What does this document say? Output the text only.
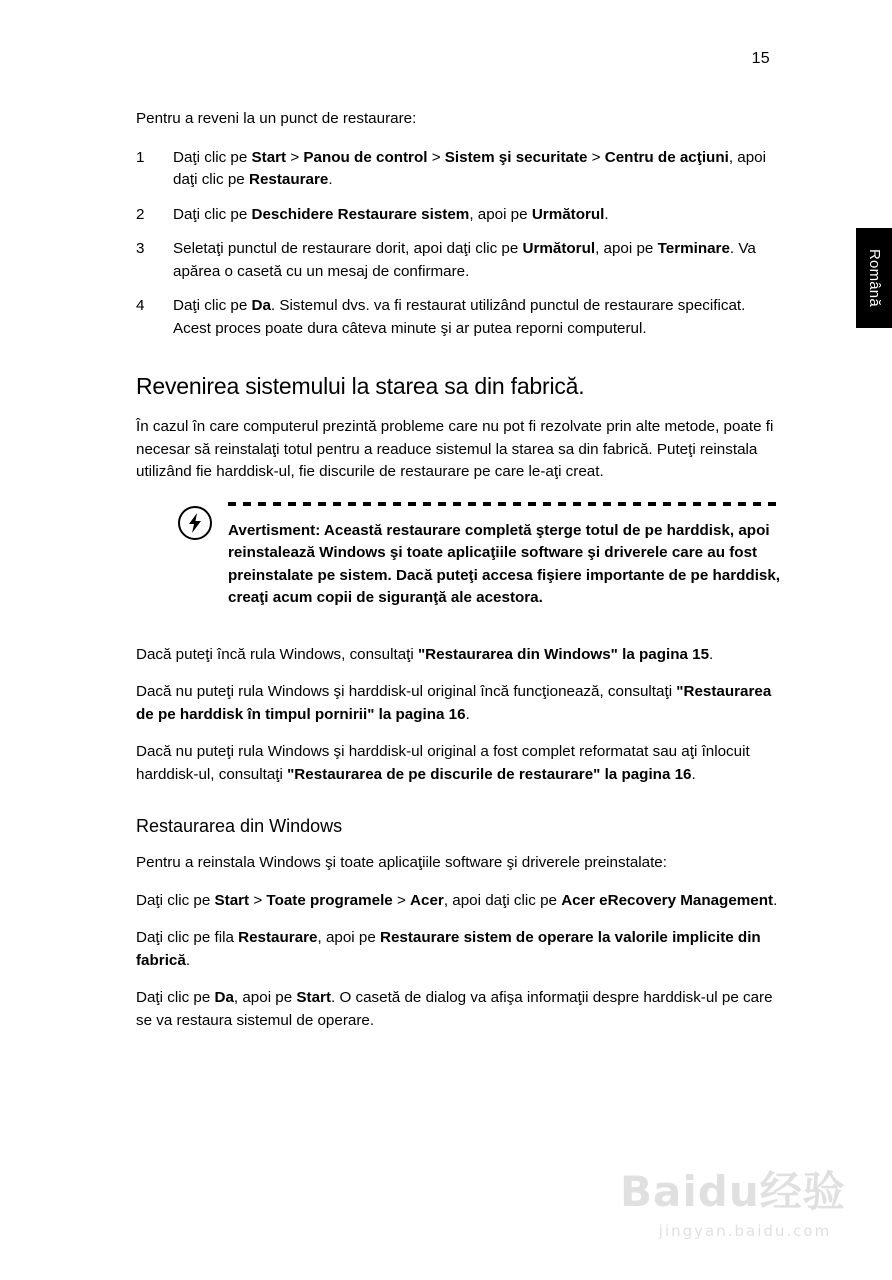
15
Română

Pentru a reveni la un punct de restaurare:

1	Daţi clic pe Start > Panou de control > Sistem şi securitate > Centru de acţiuni, apoi daţi clic pe Restaurare.
2	Daţi clic pe Deschidere Restaurare sistem, apoi pe Următorul.
3	Seletaţi punctul de restaurare dorit, apoi daţi clic pe Următorul, apoi pe Terminare. Va apărea o casetă cu un mesaj de confirmare.
4	Daţi clic pe Da. Sistemul dvs. va fi restaurat utilizând punctul de restaurare specificat. Acest proces poate dura câteva minute şi ar putea reporni computerul.
Revenirea sistemului la starea sa din fabrică.

În cazul în care computerul prezintă probleme care nu pot fi rezolvate prin alte metode, poate fi necesar să reinstalaţi totul pentru a readuce sistemul la starea sa din fabrică. Puteţi reinstala utilizând fie harddisk-ul, fie discurile de restaurare pe care le-aţi creat.

Avertisment: Această restaurare completă şterge totul de pe harddisk, apoi reinstalează Windows şi toate aplicaţiile software şi driverele care au fost preinstalate pe sistem. Dacă puteţi accesa fişiere importante de pe harddisk, creaţi acum copii de siguranţă ale acestora.

Dacă puteţi încă rula Windows, consultaţi "Restaurarea din Windows" la pagina 15.

Dacă nu puteţi rula Windows şi harddisk-ul original încă funcţionează, consultaţi "Restaurarea de pe harddisk în timpul pornirii" la pagina 16.

Dacă nu puteţi rula Windows şi harddisk-ul original a fost complet reformatat sau aţi înlocuit harddisk-ul, consultaţi "Restaurarea de pe discurile de restaurare" la pagina 16.

Restaurarea din Windows

Pentru a reinstala Windows şi toate aplicaţiile software şi driverele preinstalate:

Daţi clic pe Start > Toate programele > Acer, apoi daţi clic pe Acer eRecovery Management.

Daţi clic pe fila Restaurare, apoi pe Restaurare sistem de operare la valorile implicite din fabrică.

Daţi clic pe Da, apoi pe Start. O casetă de dialog va afişa informaţii despre harddisk-ul pe care se va restaura sistemul de operare.

Baidu经验
jingyan.baidu.com
